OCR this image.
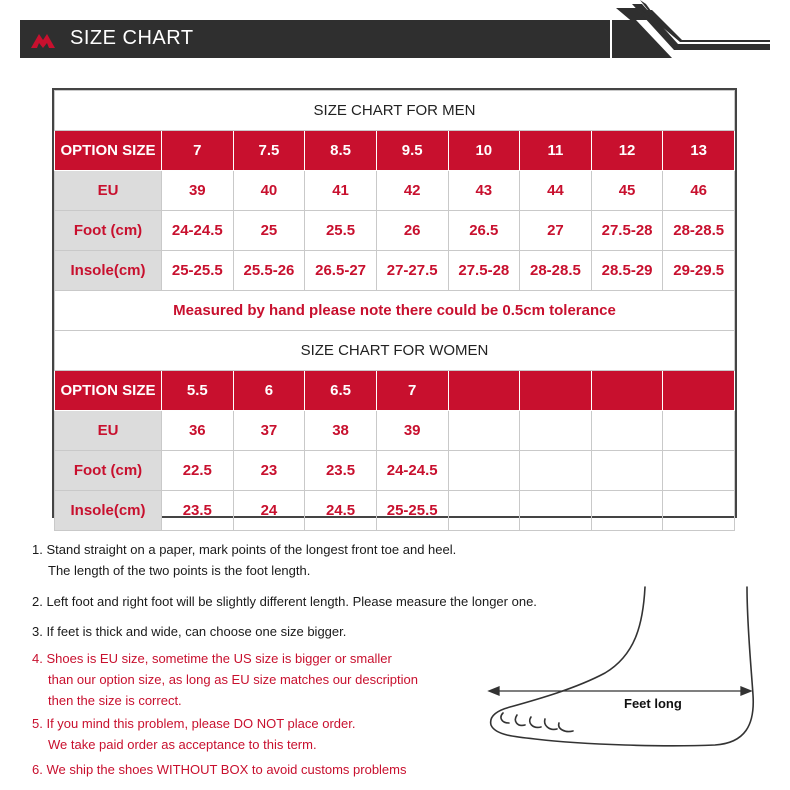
SIZE CHART
SIZE CHART FOR MEN								
OPTION SIZE	7	7.5	8.5	9.5	10	11	12	13
EU	39	40	41	42	43	44	45	46
Foot (cm)	24-24.5	25	25.5	26	26.5	27	27.5-28	28-28.5
Insole(cm)	25-25.5	25.5-26	26.5-27	27-27.5	27.5-28	28-28.5	28.5-29	29-29.5
Measured by hand please note there could be 0.5cm tolerance								
SIZE CHART FOR WOMEN								
OPTION SIZE	5.5	6	6.5	7				
EU	36	37	38	39				
Foot (cm)	22.5	23	23.5	24-24.5				
Insole(cm)	23.5	24	24.5	25-25.5				
1. Stand straight on a paper, mark points of the longest front toe and heel.
The length of the two points is the foot length.
2. Left foot and right foot will be slightly different length. Please measure the longer one.
3. If feet is thick and wide, can choose one size bigger.
4. Shoes is EU size, sometime the US size is bigger or smaller
than our option size, as long as EU size matches our description
then the size is correct.
5. If you mind this problem, please DO NOT place order.
We take paid order as acceptance to this term.
6. We ship the shoes WITHOUT BOX to avoid customs problems
Feet long
